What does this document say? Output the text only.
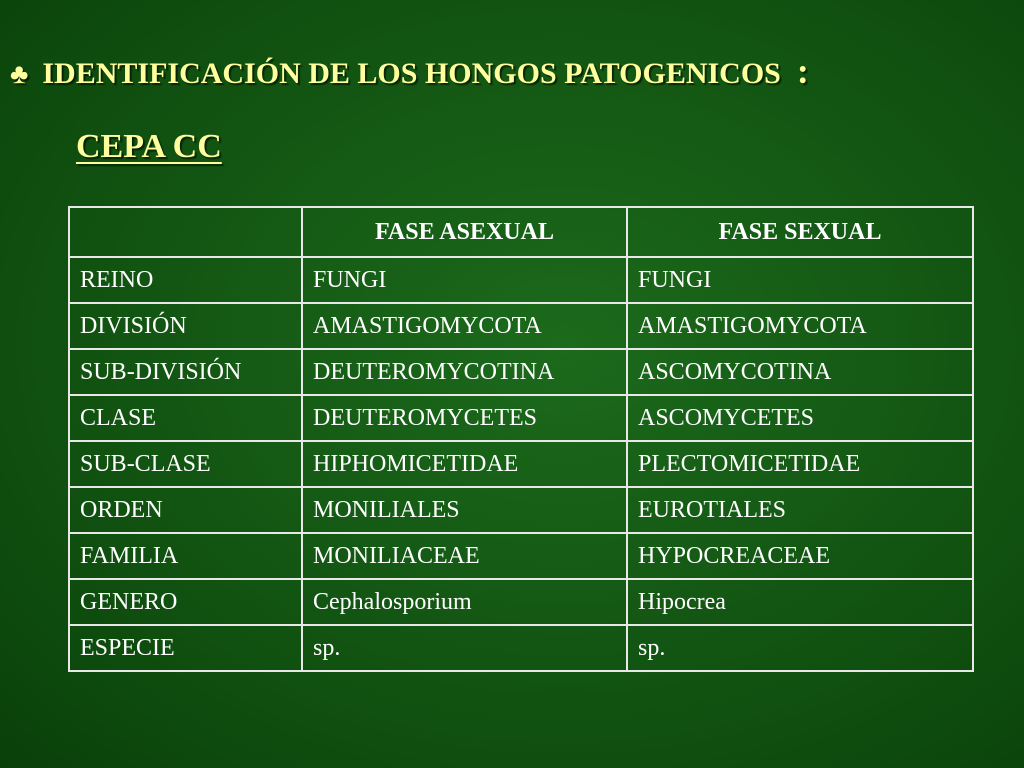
♣ IDENTIFICACIÓN DE LOS HONGOS PATOGENICOS :
CEPA CC
	FASE ASEXUAL	FASE SEXUAL
REINO	FUNGI	FUNGI
DIVISIÓN	AMASTIGOMYCOTA	AMASTIGOMYCOTA
SUB-DIVISIÓN	DEUTEROMYCOTINA	ASCOMYCOTINA
CLASE	DEUTEROMYCETES	ASCOMYCETES
SUB-CLASE	HIPHOMICETIDAE	PLECTOMICETIDAE
ORDEN	MONILIALES	EUROTIALES
FAMILIA	MONILIACEAE	HYPOCREACEAE
GENERO	Cephalosporium	Hipocrea
ESPECIE	sp.	sp.
